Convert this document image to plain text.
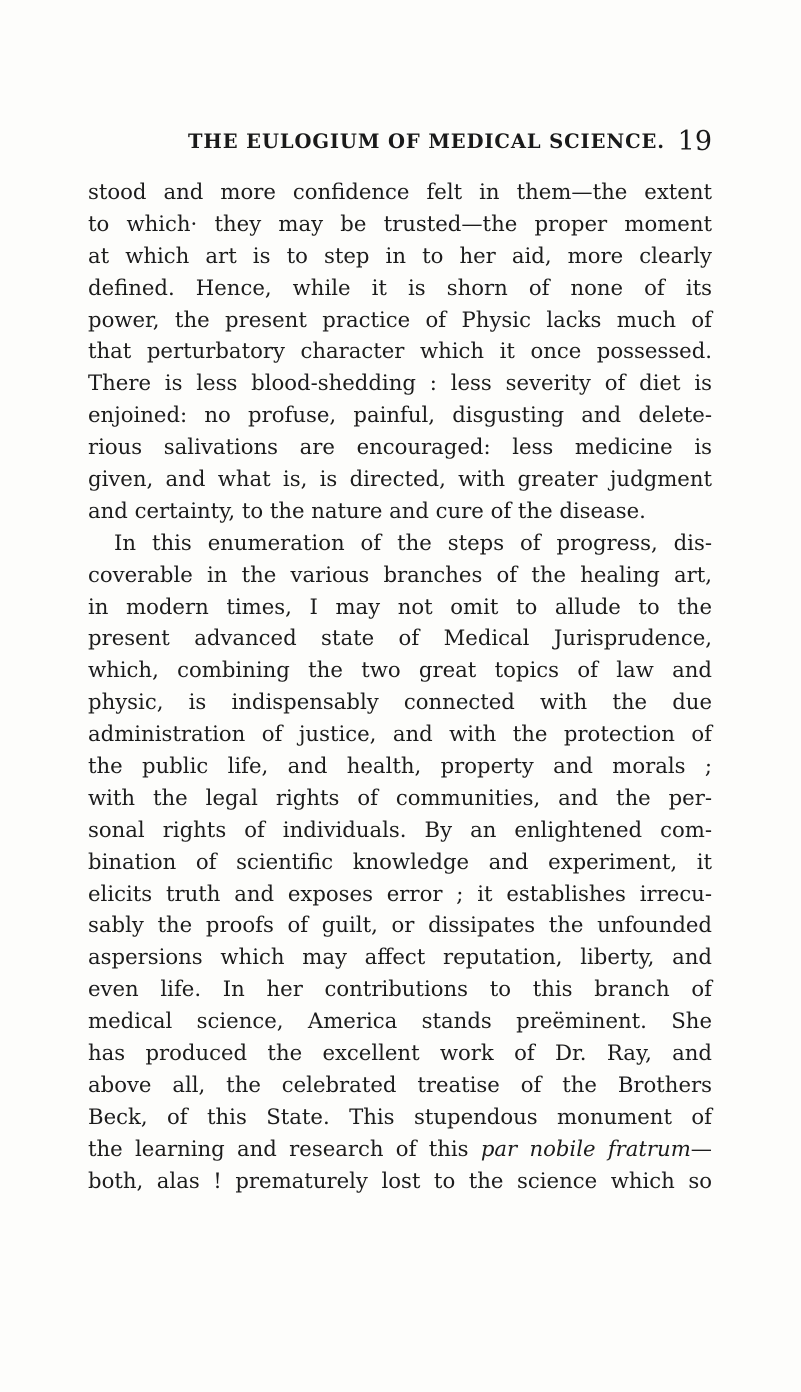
THE EULOGIUM OF MEDICAL SCIENCE. 19
stood and more confidence felt in them—the extent
to which· they may be trusted—the proper moment
at which art is to step in to her aid, more clearly
defined. Hence, while it is shorn of none of its
power, the present practice of Physic lacks much of
that perturbatory character which it once possessed.
There is less blood-shedding : less severity of diet is
enjoined: no profuse, painful, disgusting and delete-
rious salivations are encouraged: less medicine is
given, and what is, is directed, with greater judgment
and certainty, to the nature and cure of the disease.
In this enumeration of the steps of progress, dis-
coverable in the various branches of the healing art,
in modern times, I may not omit to allude to the
present advanced state of Medical Jurisprudence,
which, combining the two great topics of law and
physic, is indispensably connected with the due
administration of justice, and with the protection of
the public life, and health, property and morals ;
with the legal rights of communities, and the per-
sonal rights of individuals. By an enlightened com-
bination of scientific knowledge and experiment, it
elicits truth and exposes error ; it establishes irrecu-
sably the proofs of guilt, or dissipates the unfounded
aspersions which may affect reputation, liberty, and
even life. In her contributions to this branch of
medical science, America stands preëminent. She
has produced the excellent work of Dr. Ray, and
above all, the celebrated treatise of the Brothers
Beck, of this State. This stupendous monument of
the learning and research of this par nobile fratrum—
both, alas ! prematurely lost to the science which so
